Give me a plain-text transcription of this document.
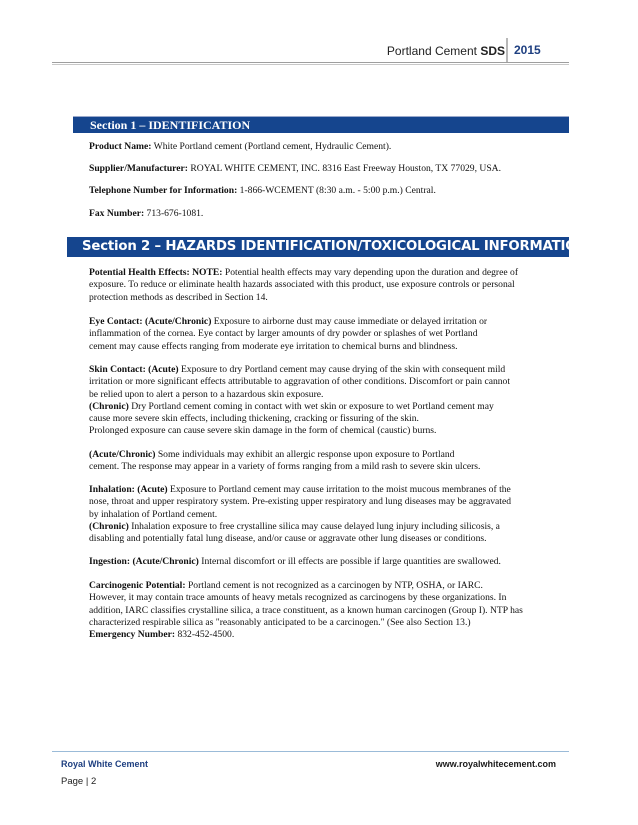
Portland Cement SDS 2015
Section 1 – IDENTIFICATION

Product Name: White Portland cement (Portland cement, Hydraulic Cement).

Supplier/Manufacturer: ROYAL WHITE CEMENT, INC. 8316 East Freeway Houston, TX 77029, USA.

Telephone Number for Information: 1-866-WCEMENT (8:30 a.m. - 5:00 p.m.) Central.

Fax Number: 713-676-1081.

Section 2 – HAZARDS IDENTIFICATION/TOXICOLOGICAL INFORMATION

Potential Health Effects: NOTE: Potential health effects may vary depending upon the duration and degree of
exposure. To reduce or eliminate health hazards associated with this product, use exposure controls or personal
protection methods as described in Section 14.

Eye Contact: (Acute/Chronic) Exposure to airborne dust may cause immediate or delayed irritation or
inflammation of the cornea. Eye contact by larger amounts of dry powder or splashes of wet Portland
cement may cause effects ranging from moderate eye irritation to chemical burns and blindness.

Skin Contact: (Acute) Exposure to dry Portland cement may cause drying of the skin with consequent mild
irritation or more significant effects attributable to aggravation of other conditions. Discomfort or pain cannot
be relied upon to alert a person to a hazardous skin exposure.
(Chronic) Dry Portland cement coming in contact with wet skin or exposure to wet Portland cement may
cause more severe skin effects, including thickening, cracking or fissuring of the skin.
Prolonged exposure can cause severe skin damage in the form of chemical (caustic) burns.

(Acute/Chronic) Some individuals may exhibit an allergic response upon exposure to Portland
cement. The response may appear in a variety of forms ranging from a mild rash to severe skin ulcers.

Inhalation: (Acute) Exposure to Portland cement may cause irritation to the moist mucous membranes of the
nose, throat and upper respiratory system. Pre-existing upper respiratory and lung diseases may be aggravated
by inhalation of Portland cement.
(Chronic) Inhalation exposure to free crystalline silica may cause delayed lung injury including silicosis, a
disabling and potentially fatal lung disease, and/or cause or aggravate other lung diseases or conditions.

Ingestion: (Acute/Chronic) Internal discomfort or ill effects are possible if large quantities are swallowed.

Carcinogenic Potential: Portland cement is not recognized as a carcinogen by NTP, OSHA, or IARC.
However, it may contain trace amounts of heavy metals recognized as carcinogens by these organizations. In
addition, IARC classifies crystalline silica, a trace constituent, as a known human carcinogen (Group I). NTP has
characterized respirable silica as "reasonably anticipated to be a carcinogen." (See also Section 13.)
Emergency Number: 832-452-4500.

Royal White Cement	www.royalwhitecement.com
Page | 2
